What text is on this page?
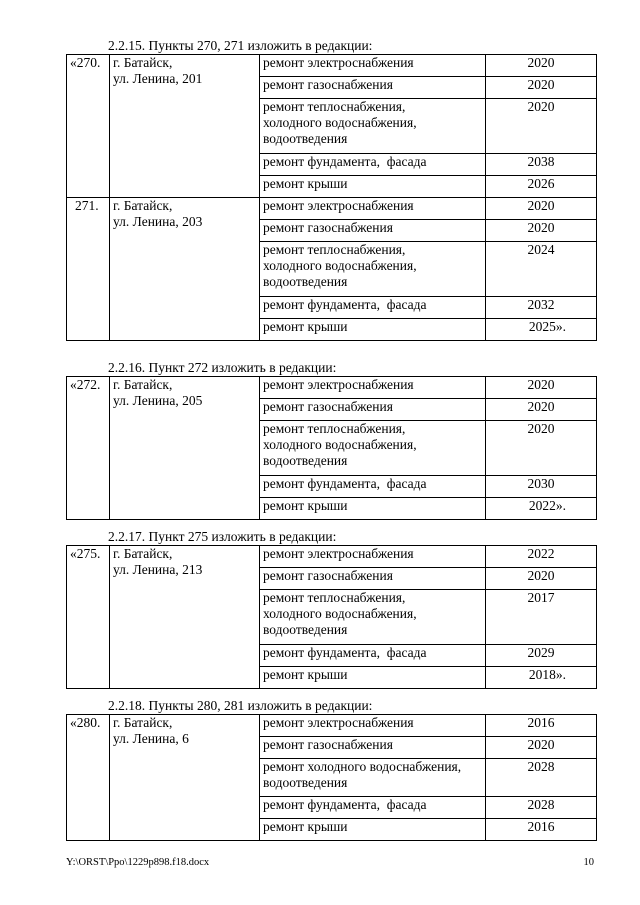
2.2.15. Пункты 270, 271 изложить в редакции:
«270.	г. Батайск,
ул. Ленина, 201	ремонт электроснабжения	2020
		ремонт газоснабжения	2020
		ремонт теплоснабжения,
холодного водоснабжения,
водоотведения	2020
		ремонт фундамента,  фасада	2038
		ремонт крыши	2026
271.	г. Батайск,
ул. Ленина, 203	ремонт электроснабжения	2020
		ремонт газоснабжения	2020
		ремонт теплоснабжения,
холодного водоснабжения,
водоотведения	2024
		ремонт фундамента,  фасада	2032
		ремонт крыши	2025».
2.2.16. Пункт 272 изложить в редакции:
«272.	г. Батайск,
ул. Ленина, 205	ремонт электроснабжения	2020
		ремонт газоснабжения	2020
		ремонт теплоснабжения,
холодного водоснабжения,
водоотведения	2020
		ремонт фундамента,  фасада	2030
		ремонт крыши	2022».
2.2.17. Пункт 275 изложить в редакции:
«275.	г. Батайск,
ул. Ленина, 213	ремонт электроснабжения	2022
		ремонт газоснабжения	2020
		ремонт теплоснабжения,
холодного водоснабжения,
водоотведения	2017
		ремонт фундамента,  фасада	2029
		ремонт крыши	2018».
2.2.18. Пункты 280, 281 изложить в редакции:
«280.	г. Батайск,
ул. Ленина, 6	ремонт электроснабжения	2016
		ремонт газоснабжения	2020
		ремонт холодного водоснабжения,
водоотведения	2028
		ремонт фундамента,  фасада	2028
		ремонт крыши	2016
Y:\ORST\Ppo\1229p898.f18.docx	10
